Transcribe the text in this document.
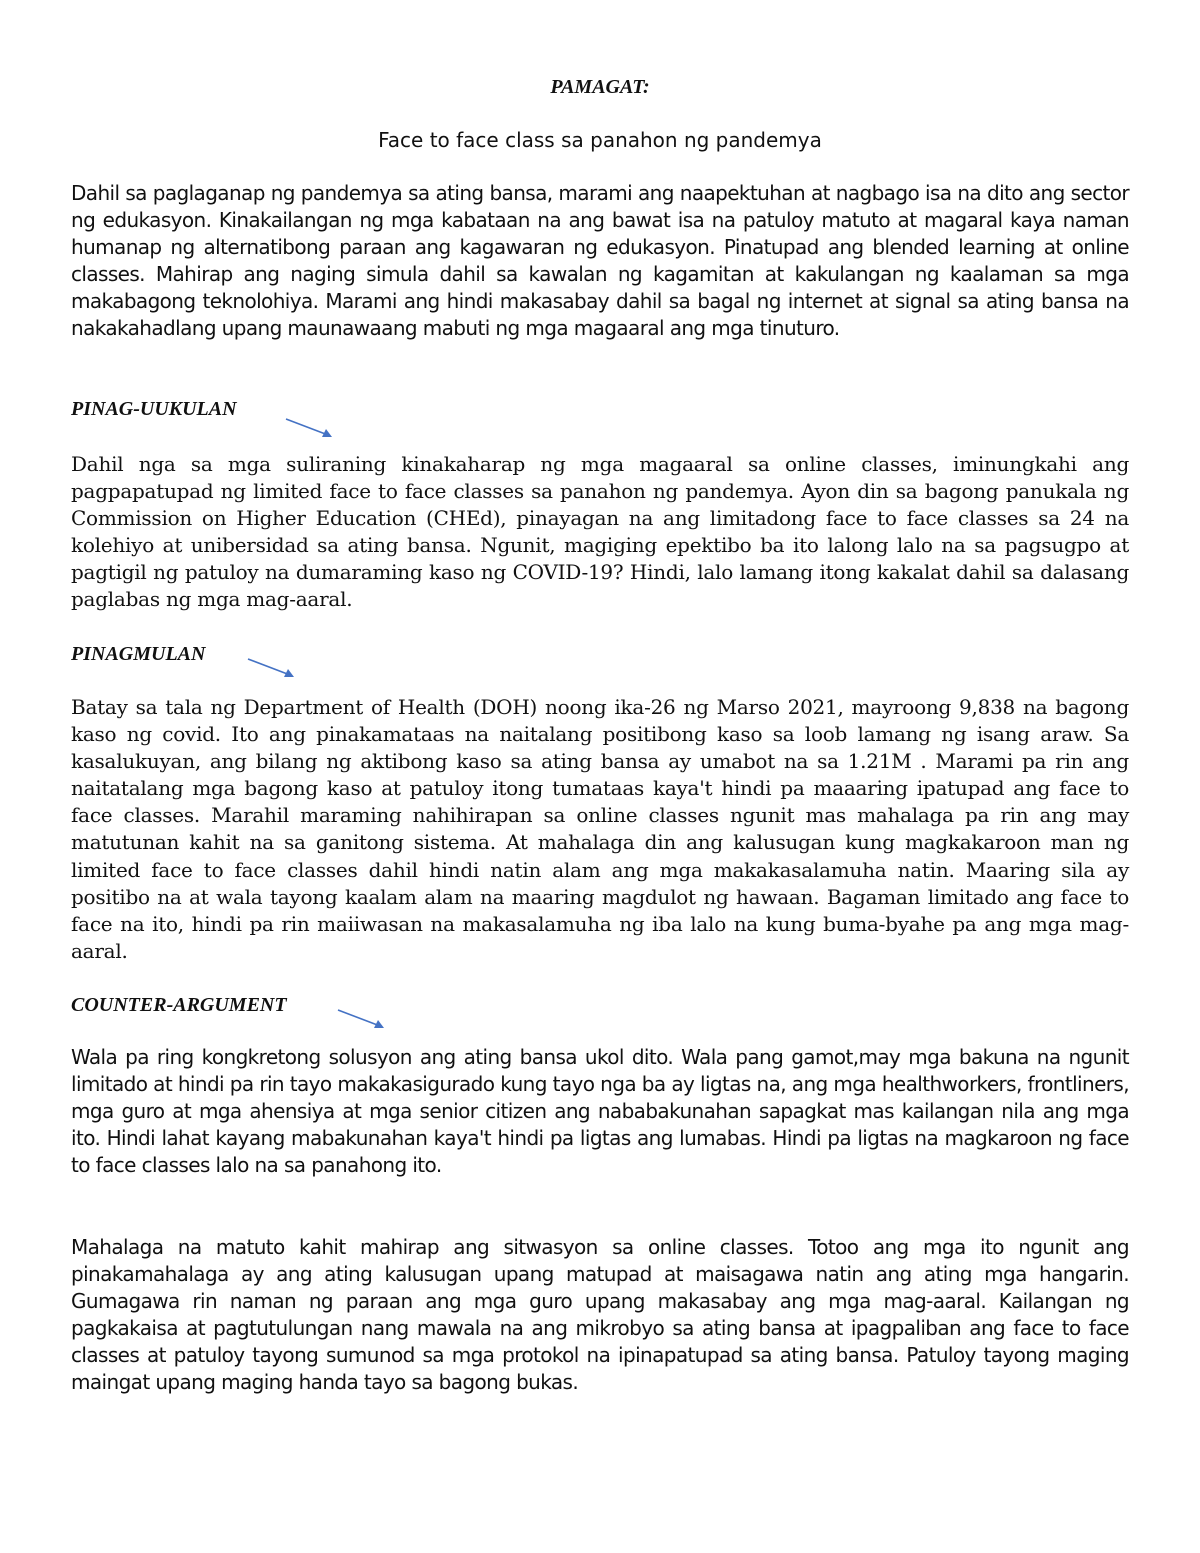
PAMAGAT:
Face to face class sa panahon ng pandemya

Dahil sa paglaganap ng pandemya sa ating bansa, marami ang naapektuhan at nagbago isa na dito ang sector ng edukasyon. Kinakailangan ng mga kabataan na ang bawat isa na patuloy matuto at magaral kaya naman humanap ng alternatibong paraan ang kagawaran ng edukasyon. Pinatupad ang blended learning at online classes. Mahirap ang naging simula dahil sa kawalan ng kagamitan at kakulangan ng kaalaman sa mga makabagong teknolohiya. Marami ang hindi makasabay dahil sa bagal ng internet at signal sa ating bansa na nakakahadlang upang maunawaang mabuti ng mga magaaral ang mga tinuturo.

PINAG-UUKULAN

Dahil nga sa mga suliraning kinakaharap ng mga magaaral sa online classes, iminungkahi ang pagpapatupad ng limited face to face classes sa panahon ng pandemya. Ayon din sa bagong panukala ng Commission on Higher Education (CHEd), pinayagan na ang limitadong face to face classes sa 24 na kolehiyo at unibersidad sa ating bansa. Ngunit, magiging epektibo ba ito lalong lalo na sa pagsugpo at pagtigil ng patuloy na dumaraming kaso ng COVID-19? Hindi, lalo lamang itong kakalat dahil sa dalasang paglabas ng mga mag-aaral.

PINAGMULAN

Batay sa tala ng Department of Health (DOH) noong ika-26 ng Marso 2021, mayroong 9,838 na bagong kaso ng covid. Ito ang pinakamataas na naitalang positibong kaso sa loob lamang ng isang araw. Sa kasalukuyan, ang bilang ng aktibong kaso sa ating bansa ay umabot na sa 1.21M . Marami pa rin ang naitatalang mga bagong kaso at patuloy itong tumataas kaya't hindi pa maaaring ipatupad ang face to face classes. Marahil maraming nahihirapan sa online classes ngunit mas mahalaga pa rin ang may matutunan kahit na sa ganitong sistema. At mahalaga din ang kalusugan kung magkakaroon man ng limited face to face classes dahil hindi natin alam ang mga makakasalamuha natin. Maaring sila ay positibo na at wala tayong kaalam alam na maaring magdulot ng hawaan. Bagaman limitado ang face to face na ito, hindi pa rin maiiwasan na makasalamuha ng iba lalo na kung buma-byahe pa ang mga mag-aaral.

COUNTER-ARGUMENT

Wala pa ring kongkretong solusyon ang ating bansa ukol dito. Wala pang gamot,may mga bakuna na ngunit limitado at hindi pa rin tayo makakasigurado kung tayo nga ba ay ligtas na, ang mga healthworkers, frontliners, mga guro at mga ahensiya at mga senior citizen ang nababakunahan sapagkat mas kailangan nila ang mga ito. Hindi lahat kayang mabakunahan kaya't hindi pa ligtas ang lumabas. Hindi pa ligtas na magkaroon ng face to face classes lalo na sa panahong ito.

Mahalaga na matuto kahit mahirap ang sitwasyon sa online classes. Totoo ang mga ito ngunit ang pinakamahalaga ay ang ating kalusugan upang matupad at maisagawa natin ang ating mga hangarin. Gumagawa rin naman ng paraan ang mga guro upang makasabay ang mga mag-aaral. Kailangan ng pagkakaisa at pagtutulungan nang mawala na ang mikrobyo sa ating bansa at ipagpaliban ang face to face classes at patuloy tayong sumunod sa mga protokol na ipinapatupad sa ating bansa. Patuloy tayong maging maingat upang maging handa tayo sa bagong bukas.
